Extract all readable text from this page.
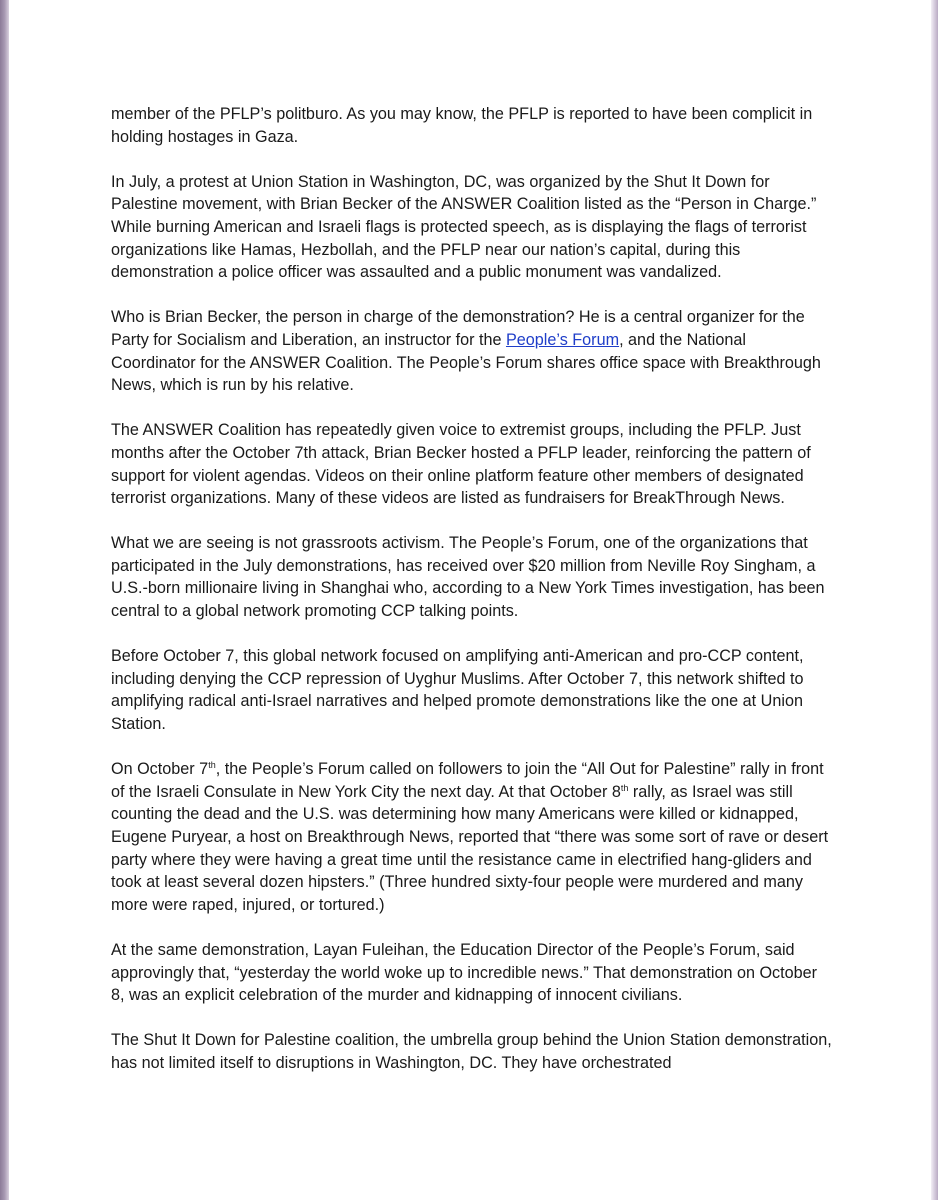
member of the PFLP’s politburo. As you may know, the PFLP is reported to have been complicit in holding hostages in Gaza.

In July, a protest at Union Station in Washington, DC, was organized by the Shut It Down for Palestine movement, with Brian Becker of the ANSWER Coalition listed as the “Person in Charge.” While burning American and Israeli flags is protected speech, as is displaying the flags of terrorist organizations like Hamas, Hezbollah, and the PFLP near our nation’s capital, during this demonstration a police officer was assaulted and a public monument was vandalized.

Who is Brian Becker, the person in charge of the demonstration? He is a central organizer for the Party for Socialism and Liberation, an instructor for the People’s Forum, and the National Coordinator for the ANSWER Coalition. The People’s Forum shares office space with Breakthrough News, which is run by his relative.

The ANSWER Coalition has repeatedly given voice to extremist groups, including the PFLP. Just months after the October 7th attack, Brian Becker hosted a PFLP leader, reinforcing the pattern of support for violent agendas. Videos on their online platform feature other members of designated terrorist organizations. Many of these videos are listed as fundraisers for BreakThrough News.

What we are seeing is not grassroots activism. The People’s Forum, one of the organizations that participated in the July demonstrations, has received over $20 million from Neville Roy Singham, a U.S.-born millionaire living in Shanghai who, according to a New York Times investigation, has been central to a global network promoting CCP talking points.

Before October 7, this global network focused on amplifying anti-American and pro-CCP content, including denying the CCP repression of Uyghur Muslims. After October 7, this network shifted to amplifying radical anti-Israel narratives and helped promote demonstrations like the one at Union Station.

On October 7th, the People’s Forum called on followers to join the “All Out for Palestine” rally in front of the Israeli Consulate in New York City the next day. At that October 8th rally, as Israel was still counting the dead and the U.S. was determining how many Americans were killed or kidnapped, Eugene Puryear, a host on Breakthrough News, reported that “there was some sort of rave or desert party where they were having a great time until the resistance came in electrified hang-gliders and took at least several dozen hipsters.” (Three hundred sixty-four people were murdered and many more were raped, injured, or tortured.)

At the same demonstration, Layan Fuleihan, the Education Director of the People’s Forum, said approvingly that, “yesterday the world woke up to incredible news.” That demonstration on October 8, was an explicit celebration of the murder and kidnapping of innocent civilians.

The Shut It Down for Palestine coalition, the umbrella group behind the Union Station demonstration, has not limited itself to disruptions in Washington, DC. They have orchestrated
